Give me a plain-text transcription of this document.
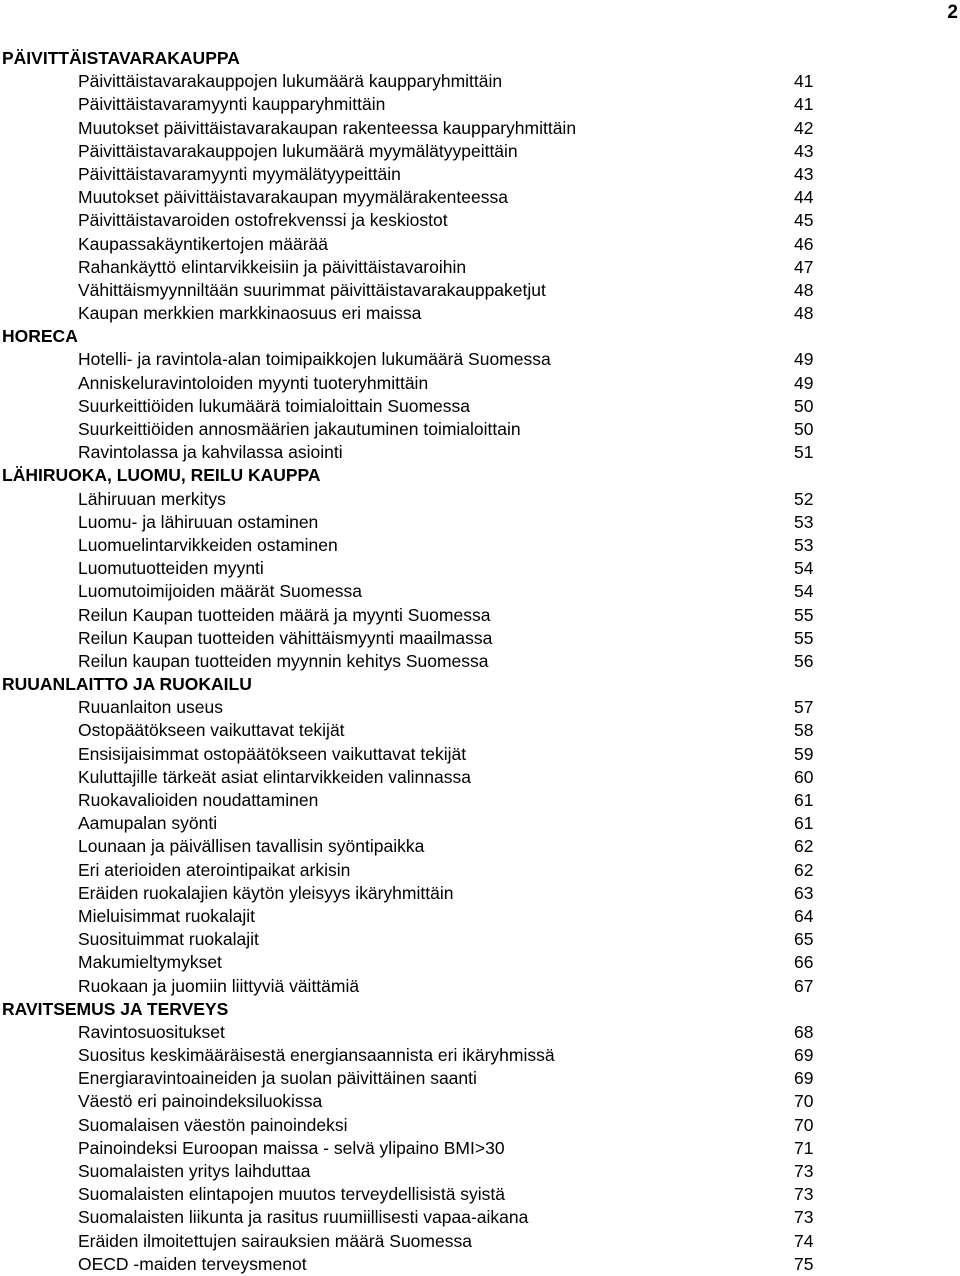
2
PÄIVITTÄISTAVARAKAUPPA
Päivittäistavarakauppojen lukumäärä kaupparyhmittäin	41
Päivittäistavaramyynti kaupparyhmittäin	41
Muutokset päivittäistavarakaupan rakenteessa kaupparyhmittäin	42
Päivittäistavarakauppojen lukumäärä myymälätyypeittäin	43
Päivittäistavaramyynti myymälätyypeittäin	43
Muutokset päivittäistavarakaupan myymälärakenteessa	44
Päivittäistavaroiden ostofrekvenssi ja keskiostot	45
Kaupassakäyntikertojen määrää	46
Rahankäyttö elintarvikkeisiin ja päivittäistavaroihin	47
Vähittäismyynniltään suurimmat päivittäistavarakauppaketjut	48
Kaupan merkkien markkinaosuus eri maissa	48
HORECA
Hotelli- ja ravintola-alan toimipaikkojen lukumäärä Suomessa	49
Anniskeluravintoloiden myynti tuoteryhmittäin	49
Suurkeittiöiden lukumäärä toimialoittain Suomessa	50
Suurkeittiöiden annosmäärien jakautuminen toimialoittain	50
Ravintolassa ja kahvilassa asiointi	51
LÄHIRUOKA, LUOMU, REILU KAUPPA
Lähiruuan merkitys	52
Luomu- ja lähiruuan ostaminen	53
Luomuelintarvikkeiden ostaminen	53
Luomutuotteiden myynti	54
Luomutoimijoiden määrät Suomessa	54
Reilun Kaupan tuotteiden määrä ja myynti Suomessa	55
Reilun Kaupan tuotteiden vähittäismyynti maailmassa	55
Reilun kaupan tuotteiden myynnin kehitys Suomessa	56
RUUANLAITTO JA RUOKAILU
Ruuanlaiton useus	57
Ostopäätökseen vaikuttavat tekijät	58
Ensisijaisimmat ostopäätökseen vaikuttavat tekijät	59
Kuluttajille tärkeät asiat elintarvikkeiden valinnassa	60
Ruokavalioiden noudattaminen	61
Aamupalan syönti	61
Lounaan ja päivällisen tavallisin syöntipaikka	62
Eri aterioiden aterointipaikat arkisin	62
Eräiden ruokalajien käytön yleisyys ikäryhmittäin	63
Mieluisimmat ruokalajit	64
Suosituimmat ruokalajit	65
Makumieltymykset	66
Ruokaan ja juomiin liittyviä väittämiä	67
RAVITSEMUS JA TERVEYS
Ravintosuositukset	68
Suositus keskimääräisestä energiansaannista eri ikäryhmissä	69
Energiaravintoaineiden ja suolan päivittäinen saanti	69
Väestö eri painoindeksiluokissa	70
Suomalaisen väestön painoindeksi	70
Painoindeksi Euroopan maissa - selvä ylipaino BMI>30	71
Suomalaisten yritys laihduttaa	73
Suomalaisten elintapojen muutos terveydellisistä syistä	73
Suomalaisten liikunta ja rasitus ruumiillisesti vapaa-aikana	73
Eräiden ilmoitettujen sairauksien määrä Suomessa	74
OECD -maiden terveysmenot	75
